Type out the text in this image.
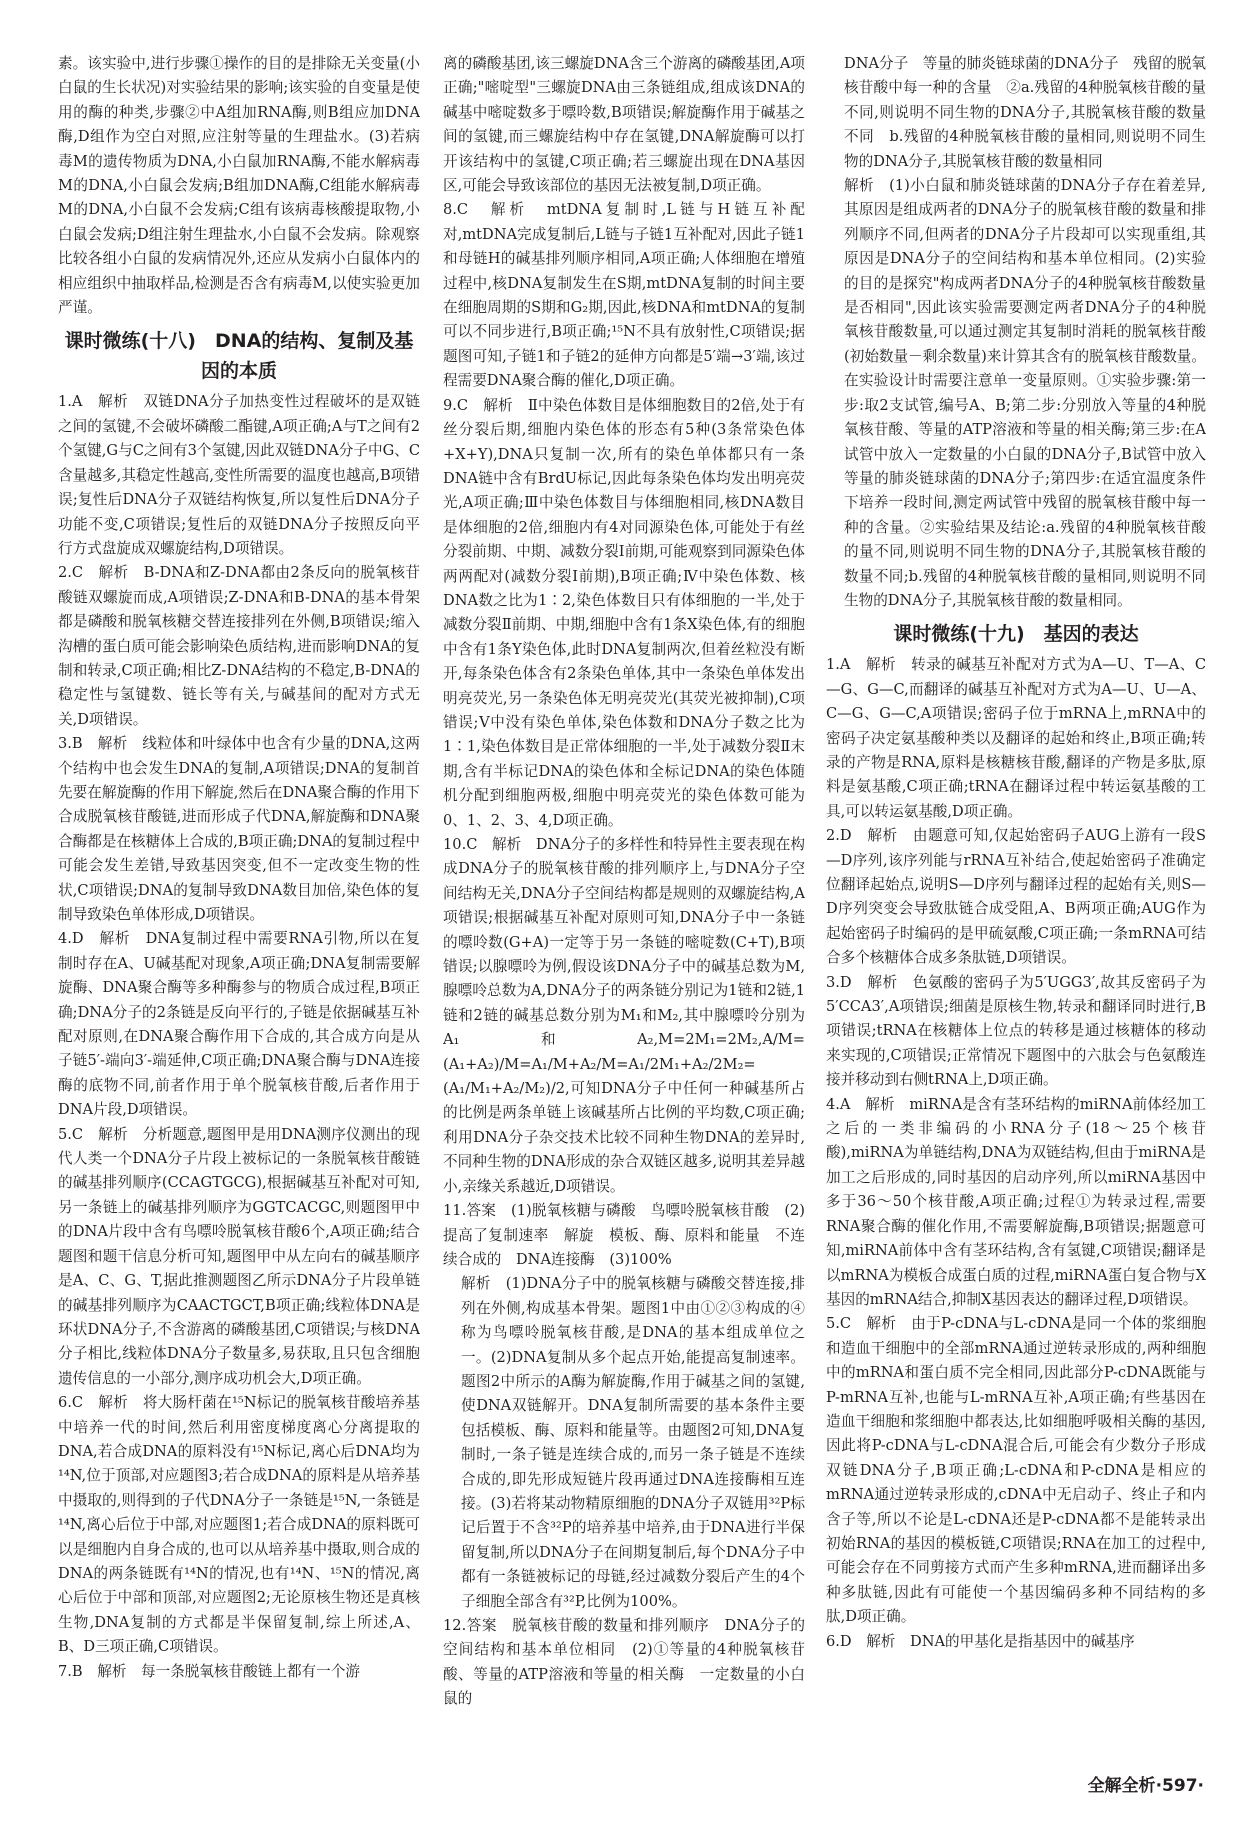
素。该实验中,进行步骤①操作的目的是排除无关变量(小白鼠的生长状况)对实验结果的影响;该实验的自变量是使用的酶的种类,步骤②中A组加RNA酶,则B组应加DNA酶,D组作为空白对照,应注射等量的生理盐水。(3)若病毒M的遗传物质为DNA,小白鼠加RNA酶,不能水解病毒M的DNA,小白鼠会发病;B组加DNA酶,C组能水解病毒M的DNA,小白鼠不会发病;C组有该病毒核酸提取物,小白鼠会发病;D组注射生理盐水,小白鼠不会发病。除观察比较各组小白鼠的发病情况外,还应从发病小白鼠体内的相应组织中抽取样品,检测是否含有病毒M,以使实验更加严谨。

课时微练(十八)　DNA的结构、复制及基因的本质

1.A　解析　双链DNA分子加热变性过程破坏的是双链之间的氢键,不会破坏磷酸二酯键,A项正确;A与T之间有2个氢键,G与C之间有3个氢键,因此双链DNA分子中G、C含量越多,其稳定性越高,变性所需要的温度也越高,B项错误;复性后DNA分子双链结构恢复,所以复性后DNA分子功能不变,C项错误;复性后的双链DNA分子按照反向平行方式盘旋成双螺旋结构,D项错误。

2.C　解析　B-DNA和Z-DNA都由2条反向的脱氧核苷酸链双螺旋而成,A项错误;Z-DNA和B-DNA的基本骨架都是磷酸和脱氧核糖交替连接排列在外侧,B项错误;缩入沟槽的蛋白质可能会影响染色质结构,进而影响DNA的复制和转录,C项正确;相比Z-DNA结构的不稳定,B-DNA的稳定性与氢键数、链长等有关,与碱基间的配对方式无关,D项错误。

3.B　解析　线粒体和叶绿体中也含有少量的DNA,这两个结构中也会发生DNA的复制,A项错误;DNA的复制首先要在解旋酶的作用下解旋,然后在DNA聚合酶的作用下合成脱氧核苷酸链,进而形成子代DNA,解旋酶和DNA聚合酶都是在核糖体上合成的,B项正确;DNA的复制过程中可能会发生差错,导致基因突变,但不一定改变生物的性状,C项错误;DNA的复制导致DNA数目加倍,染色体的复制导致染色单体形成,D项错误。

4.D　解析　DNA复制过程中需要RNA引物,所以在复制时存在A、U碱基配对现象,A项正确;DNA复制需要解旋酶、DNA聚合酶等多种酶参与的物质合成过程,B项正确;DNA分子的2条链是反向平行的,子链是依据碱基互补配对原则,在DNA聚合酶作用下合成的,其合成方向是从子链5′-端向3′-端延伸,C项正确;DNA聚合酶与DNA连接酶的底物不同,前者作用于单个脱氧核苷酸,后者作用于DNA片段,D项错误。

5.C　解析　分析题意,题图甲是用DNA测序仪测出的现代人类一个DNA分子片段上被标记的一条脱氧核苷酸链的碱基排列顺序(CCAGTGCG),根据碱基互补配对可知,另一条链上的碱基排列顺序为GGTCACGC,则题图甲中的DNA片段中含有鸟嘌呤脱氧核苷酸6个,A项正确;结合题图和题干信息分析可知,题图甲中从左向右的碱基顺序是A、C、G、T,据此推测题图乙所示DNA分子片段单链的碱基排列顺序为CAACTGCT,B项正确;线粒体DNA是环状DNA分子,不含游离的磷酸基团,C项错误;与核DNA分子相比,线粒体DNA分子数量多,易获取,且只包含细胞遗传信息的一小部分,测序成功机会大,D项正确。

6.C　解析　将大肠杆菌在¹⁵N标记的脱氧核苷酸培养基中培养一代的时间,然后利用密度梯度离心分离提取的DNA,若合成DNA的原料没有¹⁵N标记,离心后DNA均为¹⁴N,位于顶部,对应题图3;若合成DNA的原料是从培养基中摄取的,则得到的子代DNA分子一条链是¹⁵N,一条链是¹⁴N,离心后位于中部,对应题图1;若合成DNA的原料既可以是细胞内自身合成的,也可以从培养基中摄取,则合成的DNA的两条链既有¹⁴N的情况,也有¹⁴N、¹⁵N的情况,离心后位于中部和顶部,对应题图2;无论原核生物还是真核生物,DNA复制的方式都是半保留复制,综上所述,A、B、D三项正确,C项错误。

7.B　解析　每一条脱氧核苷酸链上都有一个游

离的磷酸基团,该三螺旋DNA含三个游离的磷酸基团,A项正确;"嘧啶型"三螺旋DNA由三条链组成,组成该DNA的碱基中嘧啶数多于嘌呤数,B项错误;解旋酶作用于碱基之间的氢键,而三螺旋结构中存在氢键,DNA解旋酶可以打开该结构中的氢键,C项正确;若三螺旋出现在DNA基因区,可能会导致该部位的基因无法被复制,D项正确。

8.C　解析　mtDNA复制时,L链与H链互补配对,mtDNA完成复制后,L链与子链1互补配对,因此子链1和母链H的碱基排列顺序相同,A项正确;人体细胞在增殖过程中,核DNA复制发生在S期,mtDNA复制的时间主要在细胞周期的S期和G₂期,因此,核DNA和mtDNA的复制可以不同步进行,B项正确;¹⁵N不具有放射性,C项错误;据题图可知,子链1和子链2的延伸方向都是5′端→3′端,该过程需要DNA聚合酶的催化,D项正确。

9.C　解析　Ⅱ中染色体数目是体细胞数目的2倍,处于有丝分裂后期,细胞内染色体的形态有5种(3条常染色体+X+Y),DNA只复制一次,所有的染色单体都只有一条DNA链中含有BrdU标记,因此每条染色体均发出明亮荧光,A项正确;Ⅲ中染色体数目与体细胞相同,核DNA数目是体细胞的2倍,细胞内有4对同源染色体,可能处于有丝分裂前期、中期、减数分裂Ⅰ前期,可能观察到同源染色体两两配对(减数分裂Ⅰ前期),B项正确;Ⅳ中染色体数、核DNA数之比为1∶2,染色体数目只有体细胞的一半,处于减数分裂Ⅱ前期、中期,细胞中含有1条X染色体,有的细胞中含有1条Y染色体,此时DNA复制两次,但着丝粒没有断开,每条染色体含有2条染色单体,其中一条染色单体发出明亮荧光,另一条染色体无明亮荧光(其荧光被抑制),C项错误;Ⅴ中没有染色单体,染色体数和DNA分子数之比为1∶1,染色体数目是正常体细胞的一半,处于减数分裂Ⅱ末期,含有半标记DNA的染色体和全标记DNA的染色体随机分配到细胞两极,细胞中明亮荧光的染色体数可能为0、1、2、3、4,D项正确。

10.C　解析　DNA分子的多样性和特异性主要表现在构成DNA分子的脱氧核苷酸的排列顺序上,与DNA分子空间结构无关,DNA分子空间结构都是规则的双螺旋结构,A项错误;根据碱基互补配对原则可知,DNA分子中一条链的嘌呤数(G+A)一定等于另一条链的嘧啶数(C+T),B项错误;以腺嘌呤为例,假设该DNA分子中的碱基总数为M,腺嘌呤总数为A,DNA分子的两条链分别记为1链和2链,1链和2链的碱基总数分别为M₁和M₂,其中腺嘌呤分别为A₁和A₂,M=2M₁=2M₂,A/M=(A₁+A₂)/M=A₁/M+A₂/M=A₁/2M₁+A₂/2M₂=(A₁/M₁+A₂/M₂)/2,可知DNA分子中任何一种碱基所占的比例是两条单链上该碱基所占比例的平均数,C项正确;利用DNA分子杂交技术比较不同种生物DNA的差异时,不同种生物的DNA形成的杂合双链区越多,说明其差异越小,亲缘关系越近,D项错误。

11.答案　(1)脱氧核糖与磷酸　鸟嘌呤脱氧核苷酸　(2)提高了复制速率　解旋　模板、酶、原料和能量　不连续合成的　DNA连接酶　(3)100%

解析　(1)DNA分子中的脱氧核糖与磷酸交替连接,排列在外侧,构成基本骨架。题图1中由①②③构成的④称为鸟嘌呤脱氧核苷酸,是DNA的基本组成单位之一。(2)DNA复制从多个起点开始,能提高复制速率。题图2中所示的A酶为解旋酶,作用于碱基之间的氢键,使DNA双链解开。DNA复制所需要的基本条件主要包括模板、酶、原料和能量等。由题图2可知,DNA复制时,一条子链是连续合成的,而另一条子链是不连续合成的,即先形成短链片段再通过DNA连接酶相互连接。(3)若将某动物精原细胞的DNA分子双链用³²P标记后置于不含³²P的培养基中培养,由于DNA进行半保留复制,所以DNA分子在间期复制后,每个DNA分子中都有一条链被标记的母链,经过减数分裂后产生的4个子细胞全部含有³²P,比例为100%。

12.答案　脱氧核苷酸的数量和排列顺序　DNA分子的空间结构和基本单位相同　(2)①等量的4种脱氧核苷酸、等量的ATP溶液和等量的相关酶　一定数量的小白鼠的

DNA分子　等量的肺炎链球菌的DNA分子　残留的脱氧核苷酸中每一种的含量　②a.残留的4种脱氧核苷酸的量不同,则说明不同生物的DNA分子,其脱氧核苷酸的数量不同　b.残留的4种脱氧核苷酸的量相同,则说明不同生物的DNA分子,其脱氧核苷酸的数量相同

解析　(1)小白鼠和肺炎链球菌的DNA分子存在着差异,其原因是组成两者的DNA分子的脱氧核苷酸的数量和排列顺序不同,但两者的DNA分子片段却可以实现重组,其原因是DNA分子的空间结构和基本单位相同。(2)实验的目的是探究"构成两者DNA分子的4种脱氧核苷酸数量是否相同",因此该实验需要测定两者DNA分子的4种脱氧核苷酸数量,可以通过测定其复制时消耗的脱氧核苷酸(初始数量－剩余数量)来计算其含有的脱氧核苷酸数量。在实验设计时需要注意单一变量原则。①实验步骤:第一步:取2支试管,编号A、B;第二步:分别放入等量的4种脱氧核苷酸、等量的ATP溶液和等量的相关酶;第三步:在A试管中放入一定数量的小白鼠的DNA分子,B试管中放入等量的肺炎链球菌的DNA分子;第四步:在适宜温度条件下培养一段时间,测定两试管中残留的脱氧核苷酸中每一种的含量。②实验结果及结论:a.残留的4种脱氧核苷酸的量不同,则说明不同生物的DNA分子,其脱氧核苷酸的数量不同;b.残留的4种脱氧核苷酸的量相同,则说明不同生物的DNA分子,其脱氧核苷酸的数量相同。

课时微练(十九)　基因的表达

1.A　解析　转录的碱基互补配对方式为A—U、T—A、C—G、G—C,而翻译的碱基互补配对方式为A—U、U—A、C—G、G—C,A项错误;密码子位于mRNA上,mRNA中的密码子决定氨基酸种类以及翻译的起始和终止,B项正确;转录的产物是RNA,原料是核糖核苷酸,翻译的产物是多肽,原料是氨基酸,C项正确;tRNA在翻译过程中转运氨基酸的工具,可以转运氨基酸,D项正确。

2.D　解析　由题意可知,仅起始密码子AUG上游有一段S—D序列,该序列能与rRNA互补结合,使起始密码子准确定位翻译起始点,说明S—D序列与翻译过程的起始有关,则S—D序列突变会导致肽链合成受阻,A、B两项正确;AUG作为起始密码子时编码的是甲硫氨酸,C项正确;一条mRNA可结合多个核糖体合成多条肽链,D项错误。

3.D　解析　色氨酸的密码子为5′UGG3′,故其反密码子为5′CCA3′,A项错误;细菌是原核生物,转录和翻译同时进行,B项错误;tRNA在核糖体上位点的转移是通过核糖体的移动来实现的,C项错误;正常情况下题图中的六肽会与色氨酸连接并移动到右侧tRNA上,D项正确。

4.A　解析　miRNA是含有茎环结构的miRNA前体经加工之后的一类非编码的小RNA分子(18～25个核苷酸),miRNA为单链结构,DNA为双链结构,但由于miRNA是加工之后形成的,同时基因的启动序列,所以miRNA基因中多于36～50个核苷酸,A项正确;过程①为转录过程,需要RNA聚合酶的催化作用,不需要解旋酶,B项错误;据题意可知,miRNA前体中含有茎环结构,含有氢键,C项错误;翻译是以mRNA为模板合成蛋白质的过程,miRNA蛋白复合物与X基因的mRNA结合,抑制X基因表达的翻译过程,D项错误。

5.C　解析　由于P-cDNA与L-cDNA是同一个体的浆细胞和造血干细胞中的全部mRNA通过逆转录形成的,两种细胞中的mRNA和蛋白质不完全相同,因此部分P-cDNA既能与P-mRNA互补,也能与L-mRNA互补,A项正确;有些基因在造血干细胞和浆细胞中都表达,比如细胞呼吸相关酶的基因,因此将P-cDNA与L-cDNA混合后,可能会有少数分子形成双链DNA分子,B项正确;L-cDNA和P-cDNA是相应的mRNA通过逆转录形成的,cDNA中无启动子、终止子和内含子等,所以不论是L-cDNA还是P-cDNA都不是能转录出初始RNA的基因的模板链,C项错误;RNA在加工的过程中,可能会存在不同剪接方式而产生多种mRNA,进而翻译出多种多肽链,因此有可能使一个基因编码多种不同结构的多肽,D项正确。

6.D　解析　DNA的甲基化是指基因中的碱基序

全解全析·597·
